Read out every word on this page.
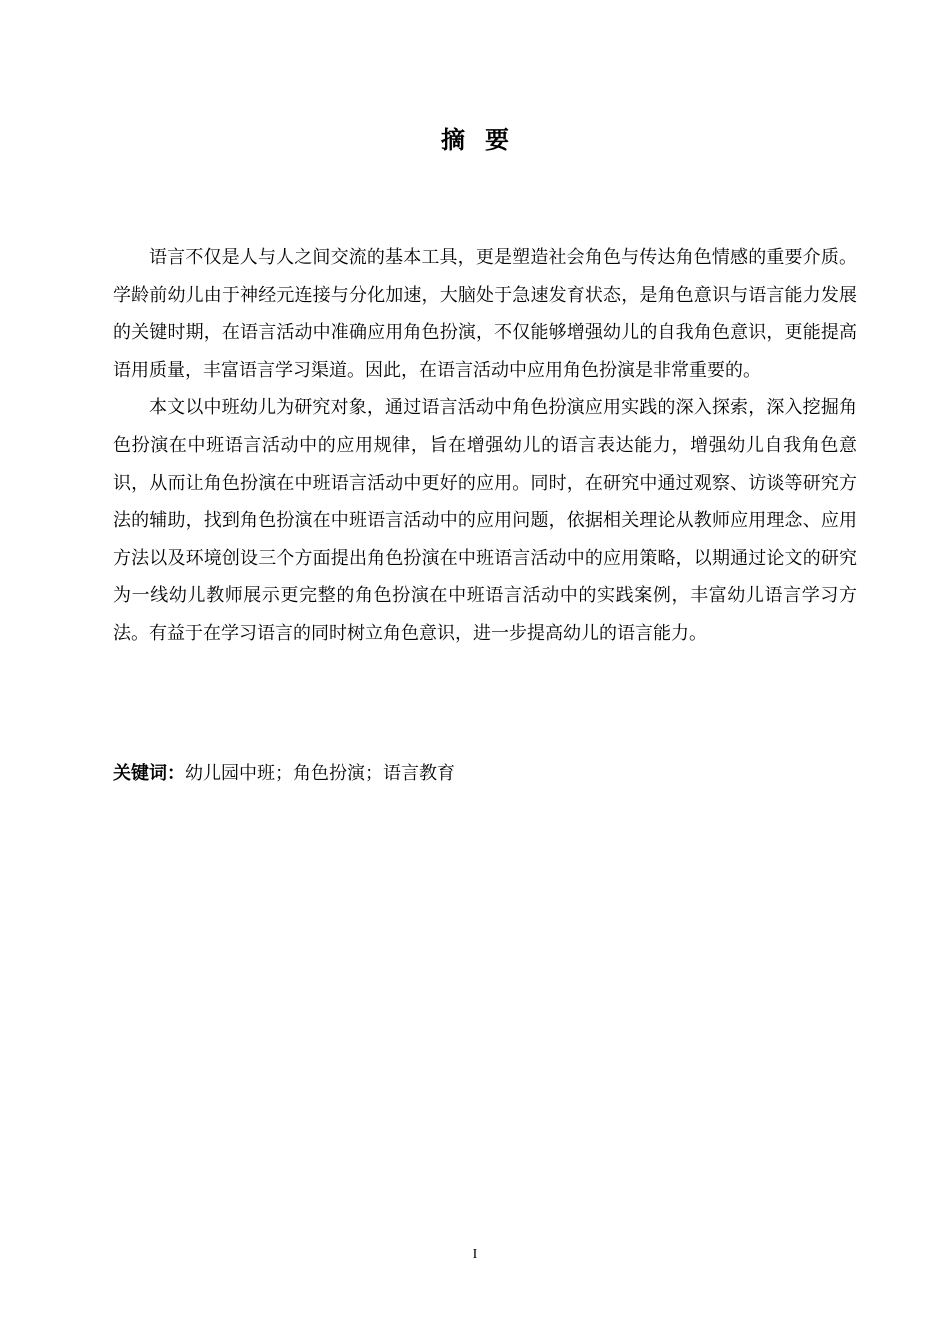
摘 要

语言不仅是人与人之间交流的基本工具，更是塑造社会角色与传达角色情感的重要介质。学龄前幼儿由于神经元连接与分化加速，大脑处于急速发育状态，是角色意识与语言能力发展的关键时期，在语言活动中准确应用角色扮演，不仅能够增强幼儿的自我角色意识，更能提高语用质量，丰富语言学习渠道。因此，在语言活动中应用角色扮演是非常重要的。

本文以中班幼儿为研究对象，通过语言活动中角色扮演应用实践的深入探索，深入挖掘角色扮演在中班语言活动中的应用规律，旨在增强幼儿的语言表达能力，增强幼儿自我角色意识，从而让角色扮演在中班语言活动中更好的应用。同时，在研究中通过观察、访谈等研究方法的辅助，找到角色扮演在中班语言活动中的应用问题，依据相关理论从教师应用理念、应用方法以及环境创设三个方面提出角色扮演在中班语言活动中的应用策略，以期通过论文的研究为一线幼儿教师展示更完整的角色扮演在中班语言活动中的实践案例，丰富幼儿语言学习方法。有益于在学习语言的同时树立角色意识，进一步提高幼儿的语言能力。

关键词：幼儿园中班；角色扮演；语言教育
I
